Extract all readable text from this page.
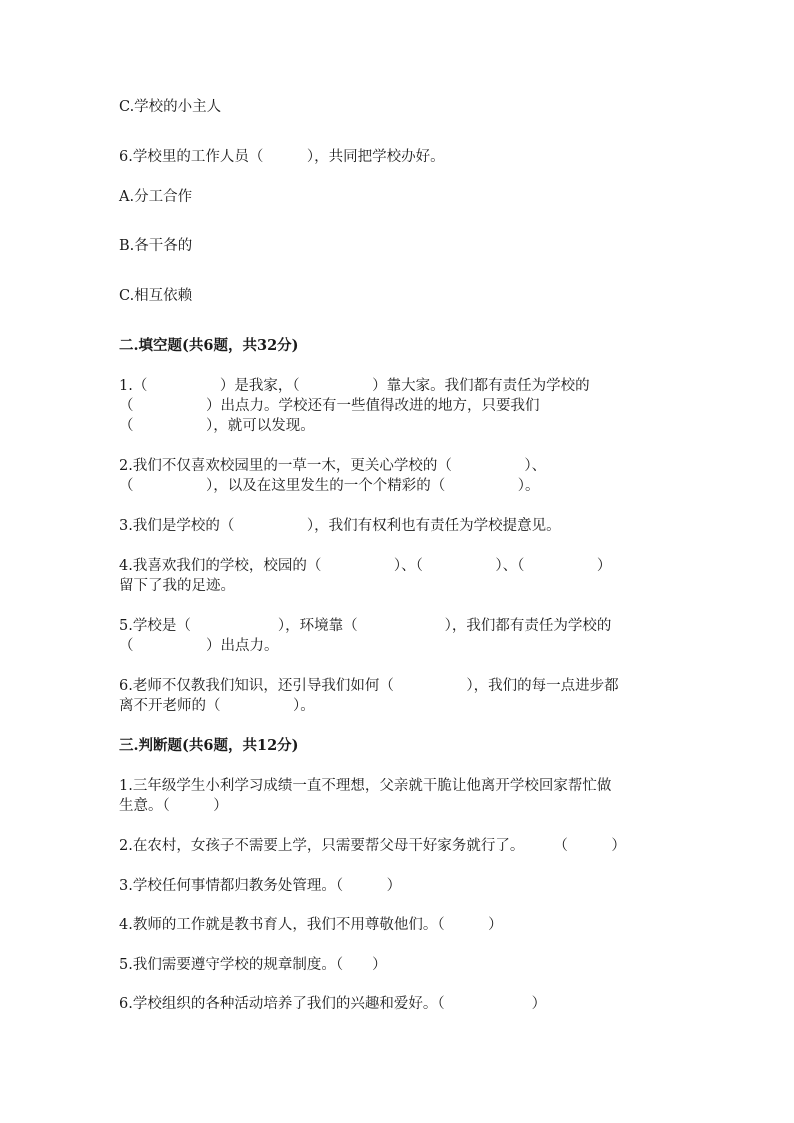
C.学校的小主人
6.学校里的工作人员（　　　），共同把学校办好。
A.分工合作
B.各干各的
C.相互依赖
二.填空题(共6题，共32分)
1.（　　　　　）是我家，（　　　　　）靠大家。我们都有责任为学校的
（　　　　　）出点力。学校还有一些值得改进的地方，只要我们
（　　　　　），就可以发现。
2.我们不仅喜欢校园里的一草一木，更关心学校的（　　　　　）、
（　　　　　），以及在这里发生的一个个精彩的（　　　　　）。
3.我们是学校的（　　　　　），我们有权利也有责任为学校提意见。
4.我喜欢我们的学校，校园的（　　　　　）、（　　　　　）、（　　　　　）
留下了我的足迹。
5.学校是（　　　　　　），环境靠（　　　　　　），我们都有责任为学校的
（　　　　　）出点力。
6.老师不仅教我们知识，还引导我们如何（　　　　　），我们的每一点进步都
离不开老师的（　　　　　）。
三.判断题(共6题，共12分)
1.三年级学生小利学习成绩一直不理想，父亲就干脆让他离开学校回家帮忙做
生意。（　　　）
2.在农村，女孩子不需要上学，只需要帮父母干好家务就行了。　　　（　　　）
3.学校任何事情都归教务处管理。（　　　）
4.教师的工作就是教书育人，我们不用尊敬他们。（　　　）
5.我们需要遵守学校的规章制度。（　　）
6.学校组织的各种活动培养了我们的兴趣和爱好。（　　　　　　）
